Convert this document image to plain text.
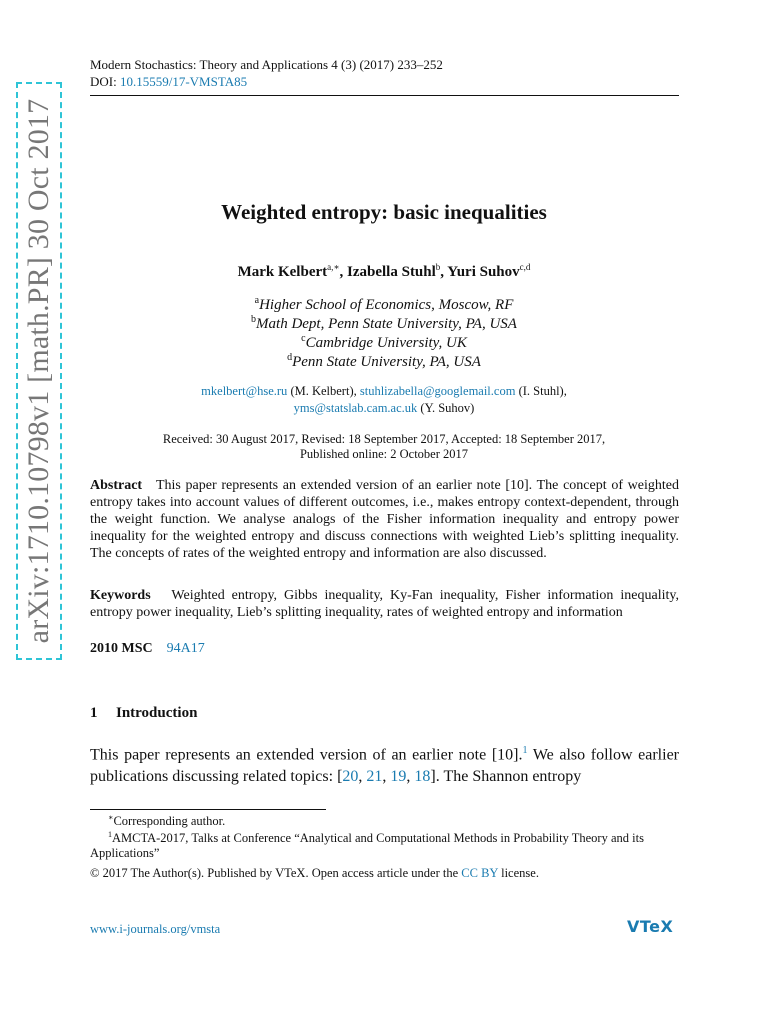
Modern Stochastics: Theory and Applications 4 (3) (2017) 233–252
DOI: 10.15559/17-VMSTA85
arXiv:1710.10798v1 [math.PR] 30 Oct 2017	Weighted entropy: basic inequalities
Mark Kelbert$^{a,∗}$, Izabella Stuhl$^b$, Yuri Suhov$^{c,d}$
$^a$Higher School of Economics, Moscow, RF
$^b$Math Dept, Penn State University, PA, USA
$^c$Cambridge University, UK
$^d$Penn State University, PA, USA
mkelbert@hse.ru (M. Kelbert), stuhlizabella@googlemail.com (I. Stuhl),
yms@statslab.cam.ac.uk (Y. Suhov)
Received: 30 August 2017, Revised: 18 September 2017, Accepted: 18 September 2017,
Published online: 2 October 2017
Abstract This paper represents an extended version of an earlier note [10]. The concept of weighted entropy takes into account values of different outcomes, i.e., makes entropy context-dependent, through the weight function. We analyse analogs of the Fisher information inequality and entropy power inequality for the weighted entropy and discuss connections with weighted Lieb’s splitting inequality. The concepts of rates of the weighted entropy and information are also discussed.
Keywords Weighted entropy, Gibbs inequality, Ky-Fan inequality, Fisher information inequality, entropy power inequality, Lieb’s splitting inequality, rates of weighted entropy and information
2010 MSC 94A17
1 Introduction
This paper represents an extended version of an earlier note [10].$^1$ We also follow earlier publications discussing related topics: [20, 21, 19, 18]. The Shannon entropy
∗Corresponding author.
$^1$AMCTA-2017, Talks at Conference “Analytical and Computational Methods in Probability Theory and its Applications”
© 2017 The Author(s). Published by VTeX. Open access article under the CC BY license.
www.i-journals.org/vmsta	VTeX
